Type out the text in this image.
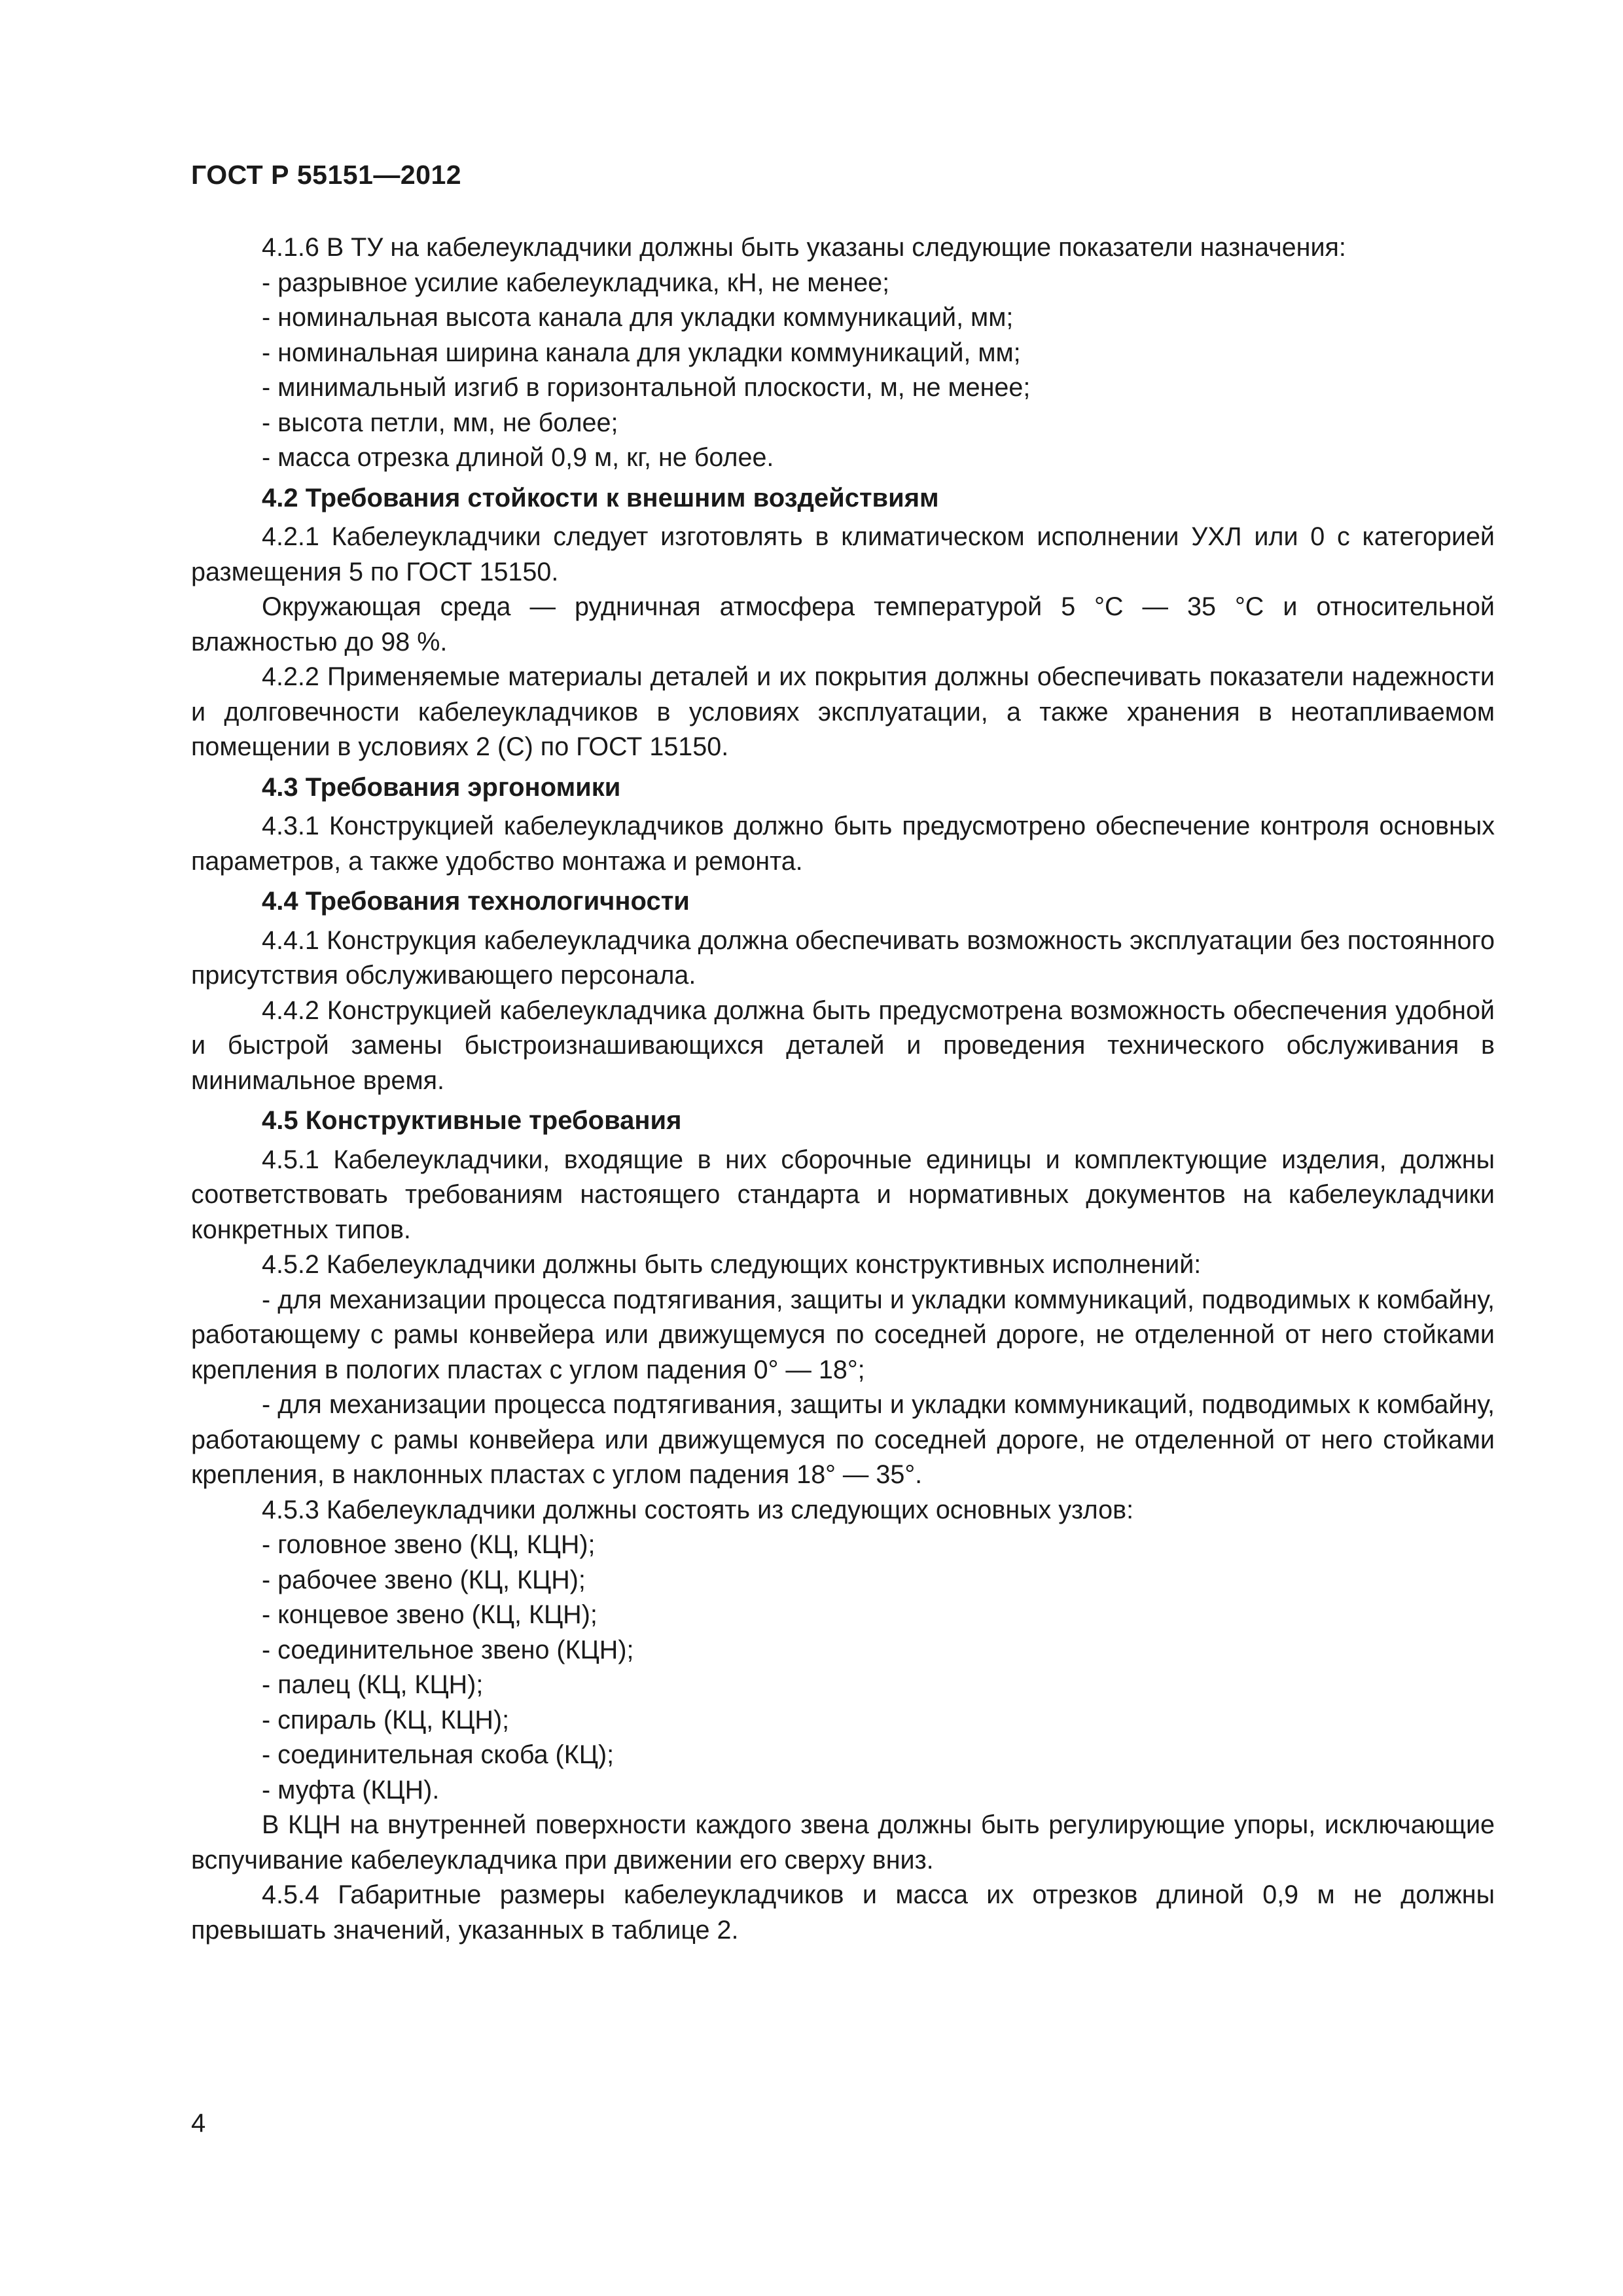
ГОСТ Р 55151—2012

4.1.6 В ТУ на кабелеукладчики должны быть указаны следующие показатели назначения:

- разрывное усилие кабелеукладчика, кН, не менее;

- номинальная высота канала для укладки коммуникаций, мм;

- номинальная ширина канала для укладки коммуникаций, мм;

- минимальный изгиб в горизонтальной плоскости, м, не менее;

- высота петли, мм, не более;

- масса отрезка длиной 0,9 м, кг, не более.

4.2 Требования стойкости к внешним воздействиям

4.2.1 Кабелеукладчики следует изготовлять в климатическом исполнении УХЛ или 0 с категорией размещения 5 по ГОСТ 15150.

Окружающая среда — рудничная атмосфера температурой 5 °С — 35 °С и относительной влажностью до 98 %.

4.2.2 Применяемые материалы деталей и их покрытия должны обеспечивать показатели надежности и долговечности кабелеукладчиков в условиях эксплуатации, а также хранения в неотапливаемом помещении в условиях 2 (С) по ГОСТ 15150.

4.3 Требования эргономики

4.3.1 Конструкцией кабелеукладчиков должно быть предусмотрено обеспечение контроля основных параметров, а также удобство монтажа и ремонта.

4.4 Требования технологичности

4.4.1 Конструкция кабелеукладчика должна обеспечивать возможность эксплуатации без постоянного присутствия обслуживающего персонала.

4.4.2 Конструкцией кабелеукладчика должна быть предусмотрена возможность обеспечения удобной и быстрой замены быстроизнашивающихся деталей и проведения технического обслуживания в минимальное время.

4.5 Конструктивные требования

4.5.1 Кабелеукладчики, входящие в них сборочные единицы и комплектующие изделия, должны соответствовать требованиям настоящего стандарта и нормативных документов на кабелеукладчики конкретных типов.

4.5.2 Кабелеукладчики должны быть следующих конструктивных исполнений:

- для механизации процесса подтягивания, защиты и укладки коммуникаций, подводимых к комбайну, работающему с рамы конвейера или движущемуся по соседней дороге, не отделенной от него стойками крепления в пологих пластах с углом падения 0° — 18°;

- для механизации процесса подтягивания, защиты и укладки коммуникаций, подводимых к комбайну, работающему с рамы конвейера или движущемуся по соседней дороге, не отделенной от него стойками крепления, в наклонных пластах с углом падения 18° — 35°.

4.5.3 Кабелеукладчики должны состоять из следующих основных узлов:

- головное звено (КЦ, КЦН);

- рабочее звено (КЦ, КЦН);

- концевое звено (КЦ, КЦН);

- соединительное звено (КЦН);

- палец (КЦ, КЦН);

- спираль (КЦ, КЦН);

- соединительная скоба (КЦ);

- муфта (КЦН).

В КЦН на внутренней поверхности каждого звена должны быть регулирующие упоры, исключающие вспучивание кабелеукладчика при движении его сверху вниз.

4.5.4 Габаритные размеры кабелеукладчиков и масса их отрезков длиной 0,9 м не должны превышать значений, указанных в таблице 2.

4
